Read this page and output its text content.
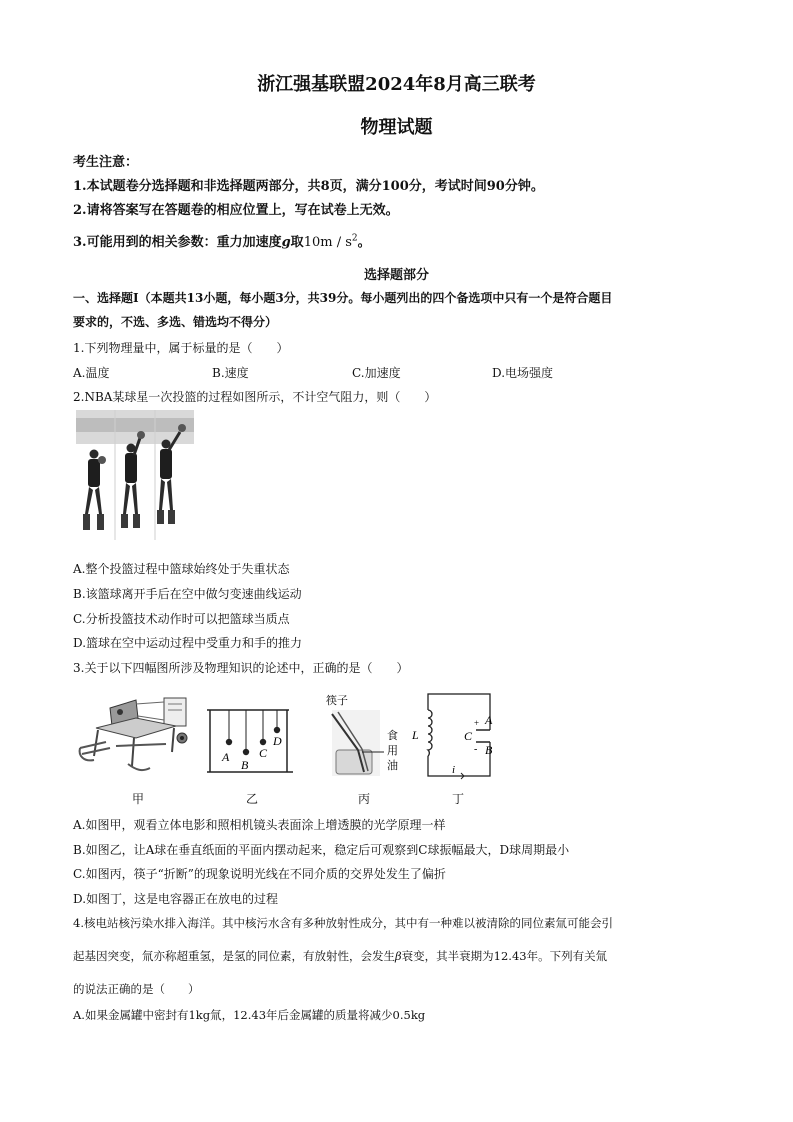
浙江强基联盟2024年8月高三联考
物理试题
考生注意：
1.本试题卷分选择题和非选择题两部分，共8页，满分100分，考试时间90分钟。
2.请将答案写在答题卷的相应位置上，写在试卷上无效。
3.可能用到的相关参数：重力加速度g取$10m / s^2$。
选择题部分
一、选择题Ⅰ（本题共13小题，每小题3分，共39分。每小题列出的四个备选项中只有一个是符合题目
要求的，不选、多选、错选均不得分）
1.下列物理量中，属于标量的是（　　）
A.温度	B.速度	C.加速度	D.电场强度
2.NBA某球星一次投篮的过程如图所示，不计空气阻力，则（　　）
A.整个投篮过程中篮球始终处于失重状态
B.该篮球离开手后在空中做匀变速曲线运动
C.分析投篮技术动作时可以把篮球当质点
D.篮球在空中运动过程中受重力和手的推力
3.关于以下四幅图所涉及物理知识的论述中，正确的是（　　）
甲
A
B
C
D
乙
筷子
食
用
油
丙
L	C
+
-
A
B
i
丁
A.如图甲，观看立体电影和照相机镜头表面涂上增透膜的光学原理一样
B.如图乙，让A球在垂直纸面的平面内摆动起来，稳定后可观察到C球振幅最大，D球周期最小
C.如图丙，筷子“折断”的现象说明光线在不同介质的交界处发生了偏折
D.如图丁，这是电容器正在放电的过程
4.核电站核污染水排入海洋。其中核污水含有多种放射性成分，其中有一种难以被清除的同位素氚可能会引
起基因突变，氚亦称超重氢，是氢的同位素，有放射性，会发生β衰变，其半衰期为12.43年。下列有关氚
的说法正确的是（　　）
A.如果金属罐中密封有1kg氚，12.43年后金属罐的质量将减少0.5kg
